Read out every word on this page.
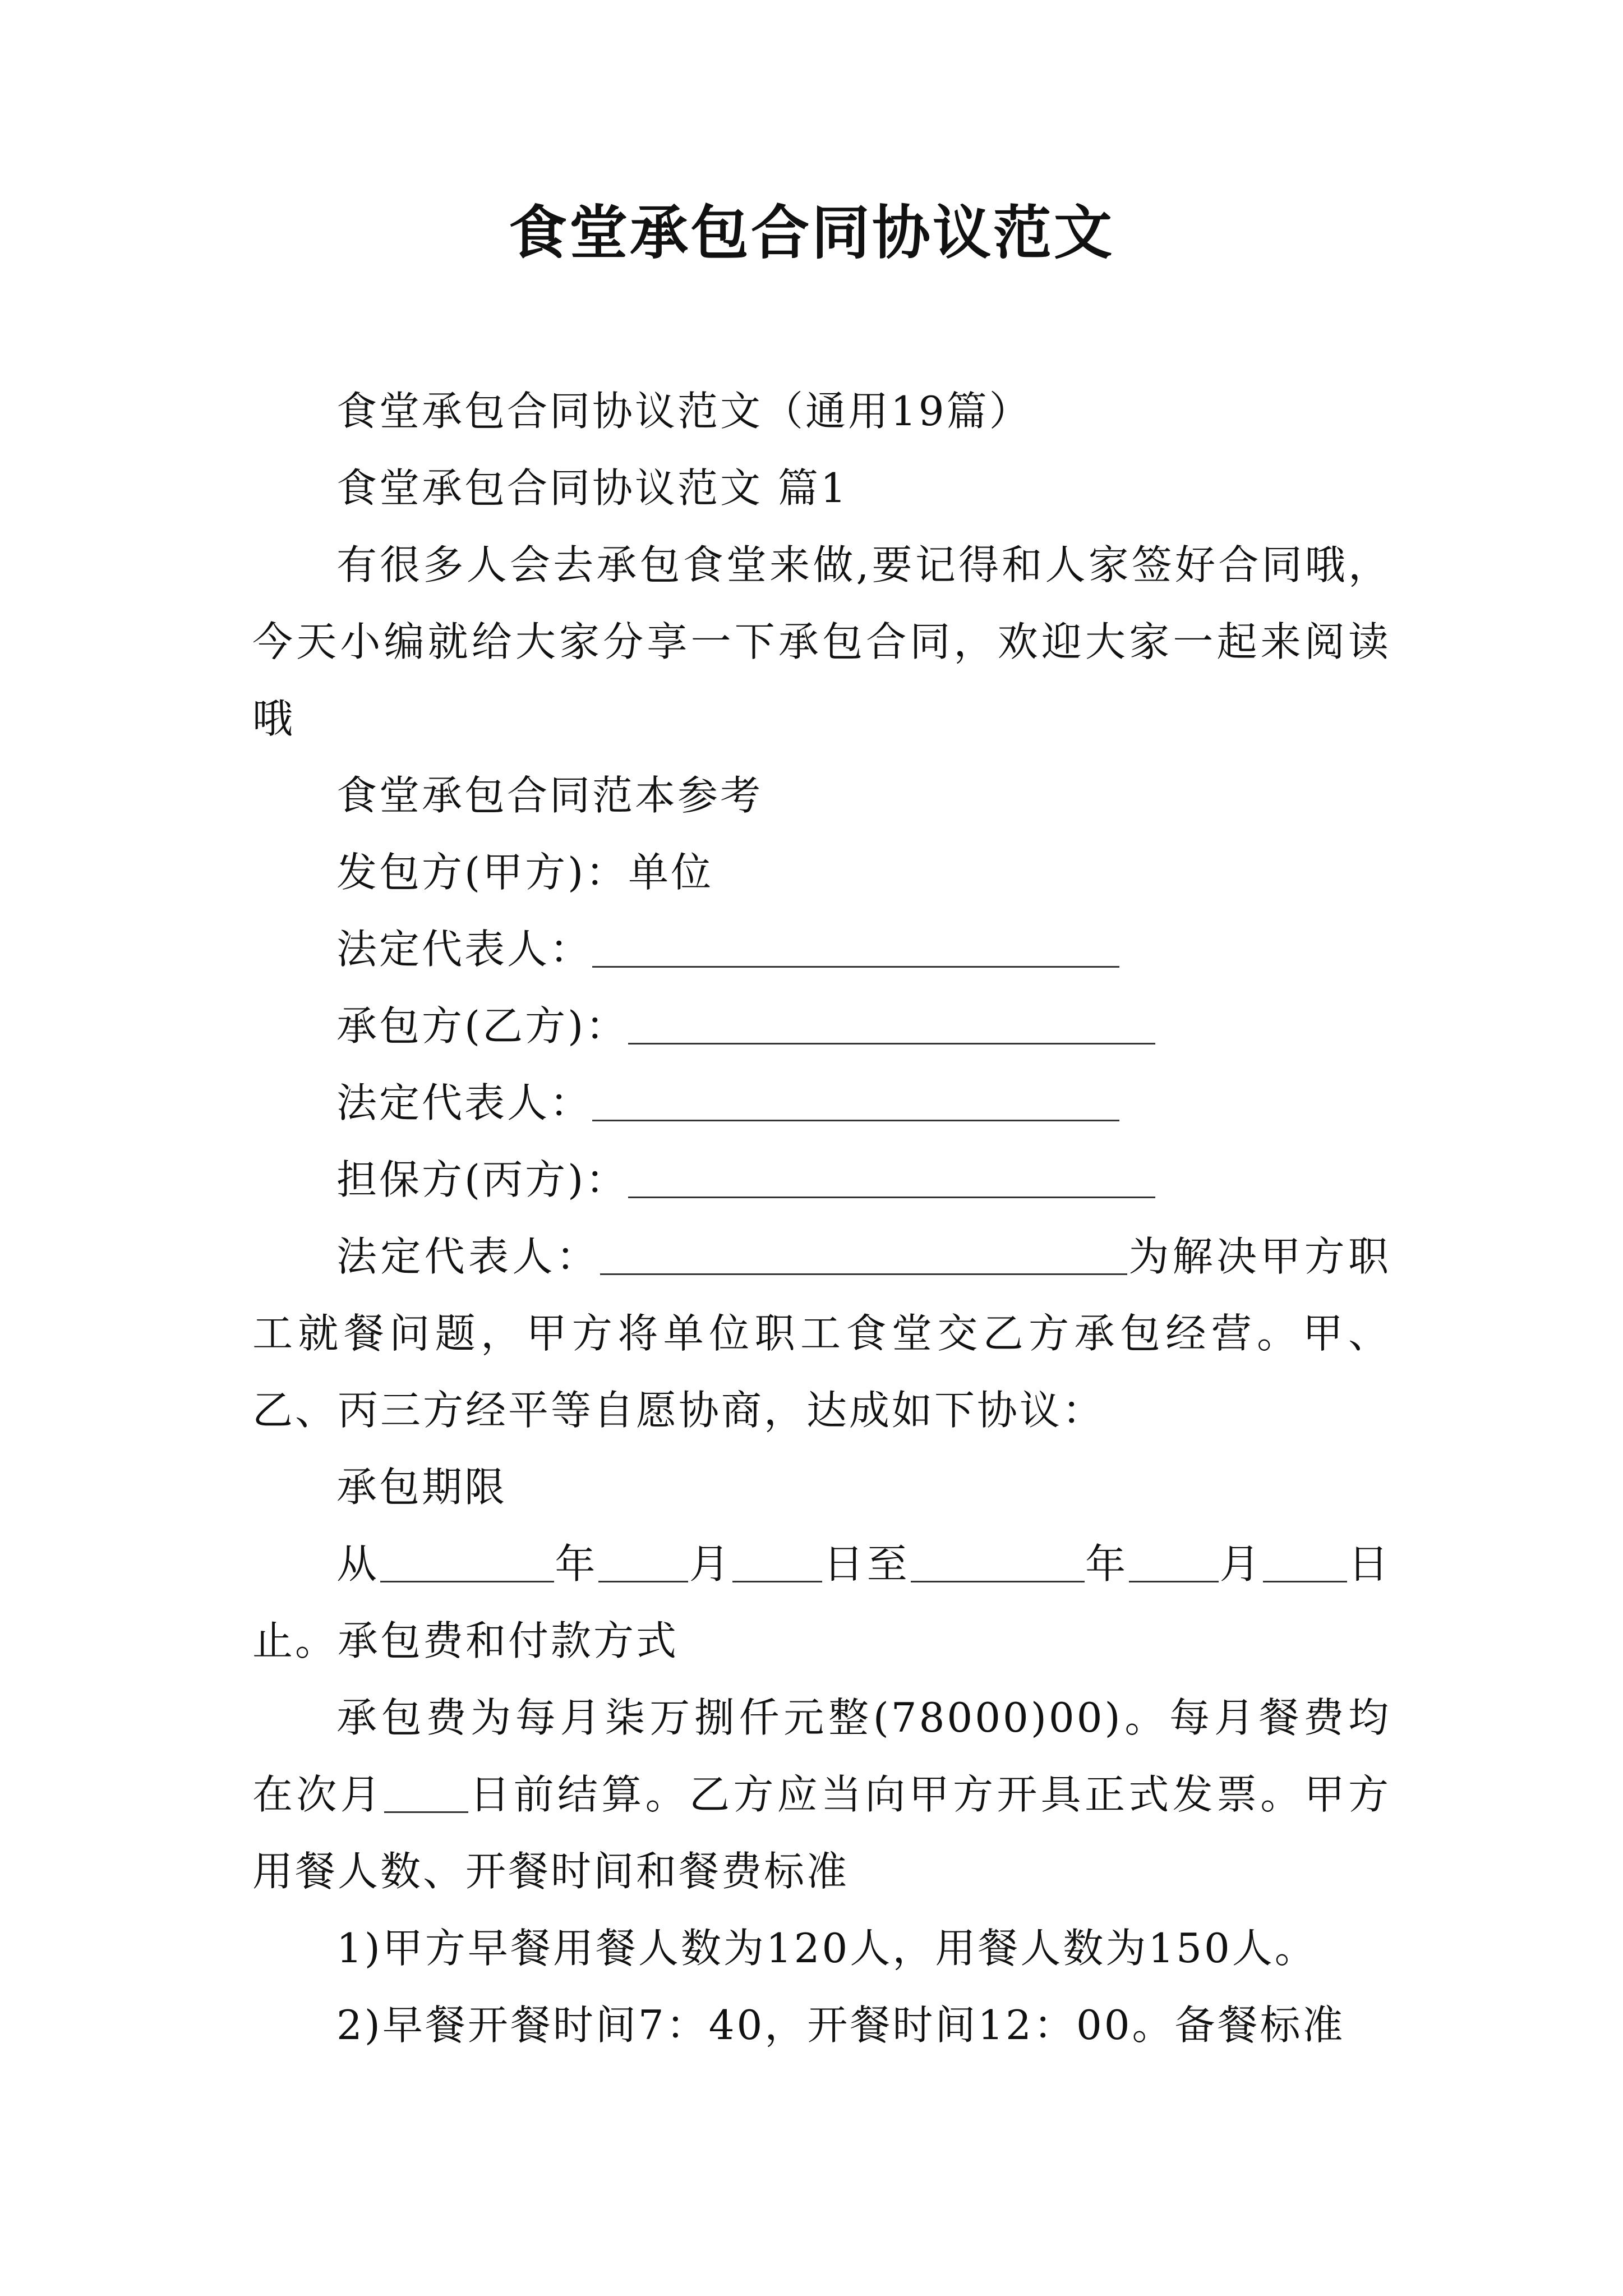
食堂承包合同协议范文

食堂承包合同协议范文（通用19篇）

食堂承包合同协议范文 篇1

有很多人会去承包食堂来做,要记得和人家签好合同哦，今天小编就给大家分享一下承包合同，欢迎大家一起来阅读哦

食堂承包合同范本参考

发包方(甲方)：单位

法定代表人：

承包方(乙方)：

法定代表人：

担保方(丙方)：

法定代表人：	为解决甲方职工就餐问题，甲方将单位职工食堂交乙方承包经营。甲、乙、丙三方经平等自愿协商，达成如下协议：

承包期限

从	年 月 日至	年 月 日止。承包费和付款方式

承包费为每月柒万捌仟元整(78000)00)。每月餐费均在次月 日前结算。乙方应当向甲方开具正式发票。甲方用餐人数、开餐时间和餐费标准

1)甲方早餐用餐人数为120人，用餐人数为150人。

2)早餐开餐时间7：40，开餐时间12：00。备餐标准
